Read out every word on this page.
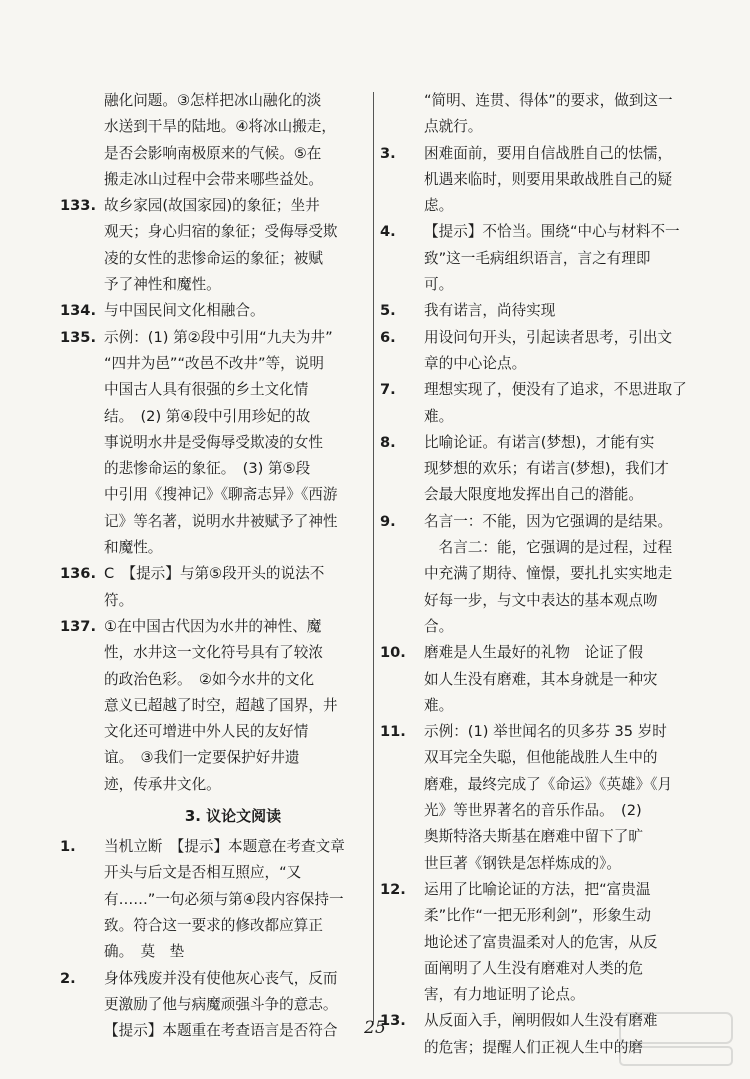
融化问题。③怎样把冰山融化的淡
水送到干旱的陆地。④将冰山搬走，
是否会影响南极原来的气候。⑤在
搬走冰山过程中会带来哪些益处。
133. 故乡家园(故国家园)的象征；坐井
观天；身心归宿的象征；受侮辱受欺
凌的女性的悲惨命运的象征；被赋
予了神性和魔性。
134. 与中国民间文化相融合。
135. 示例：(1) 第②段中引用“九夫为井”
“四井为邑”“改邑不改井”等，说明
中国古人具有很强的乡土文化情
结。　(2) 第④段中引用珍妃的故
事说明水井是受侮辱受欺凌的女性
的悲惨命运的象征。　(3) 第⑤段
中引用《搜神记》《聊斋志异》《西游
记》等名著，说明水井被赋予了神性
和魔性。
136. C　【提示】与第⑤段开头的说法不
符。
137. ①在中国古代因为水井的神性、魔
性，水井这一文化符号具有了较浓
的政治色彩。　②如今水井的文化
意义已超越了时空，超越了国界，井
文化还可增进中外人民的友好情
谊。　③我们一定要保护好井遗
迹，传承井文化。
3. 议论文阅读
1. 当机立断　【提示】本题意在考查文章
开头与后文是否相互照应，“又
有……”一句必须与第④段内容保持一
致。符合这一要求的修改都应算正
确。　莫　垫
2. 身体残废并没有使他灰心丧气，反而
更激励了他与病魔顽强斗争的意志。
【提示】本题重在考查语言是否符合
“简明、连贯、得体”的要求，做到这一
点就行。
3. 困难面前，要用自信战胜自己的怯懦，
机遇来临时，则要用果敢战胜自己的疑
虑。
4. 【提示】不恰当。围绕“中心与材料不一
致”这一毛病组织语言，言之有理即
可。
5. 我有诺言，尚待实现
6. 用设问句开头，引起读者思考，引出文
章的中心论点。
7. 理想实现了，便没有了追求，不思进取了
难。
8. 比喻论证。有诺言(梦想)，才能有实
现梦想的欢乐；有诺言(梦想)，我们才
会最大限度地发挥出自己的潜能。
9. 名言一：不能，因为它强调的是结果。
　名言二：能，它强调的是过程，过程
中充满了期待、憧憬，要扎扎实实地走
好每一步，与文中表达的基本观点吻
合。
10. 磨难是人生最好的礼物　论证了假
如人生没有磨难，其本身就是一种灾
难。
11. 示例：(1) 举世闻名的贝多芬 35 岁时
双耳完全失聪，但他能战胜人生中的
磨难，最终完成了《命运》《英雄》《月
光》等世界著名的音乐作品。　(2)
奥斯特洛夫斯基在磨难中留下了旷
世巨著《钢铁是怎样炼成的》。
12. 运用了比喻论证的方法，把“富贵温
柔”比作“一把无形利剑”，形象生动
地论述了富贵温柔对人的危害，从反
面阐明了人生没有磨难对人类的危
害，有力地证明了论点。
13. 从反面入手，阐明假如人生没有磨难
的危害；提醒人们正视人生中的磨
25
